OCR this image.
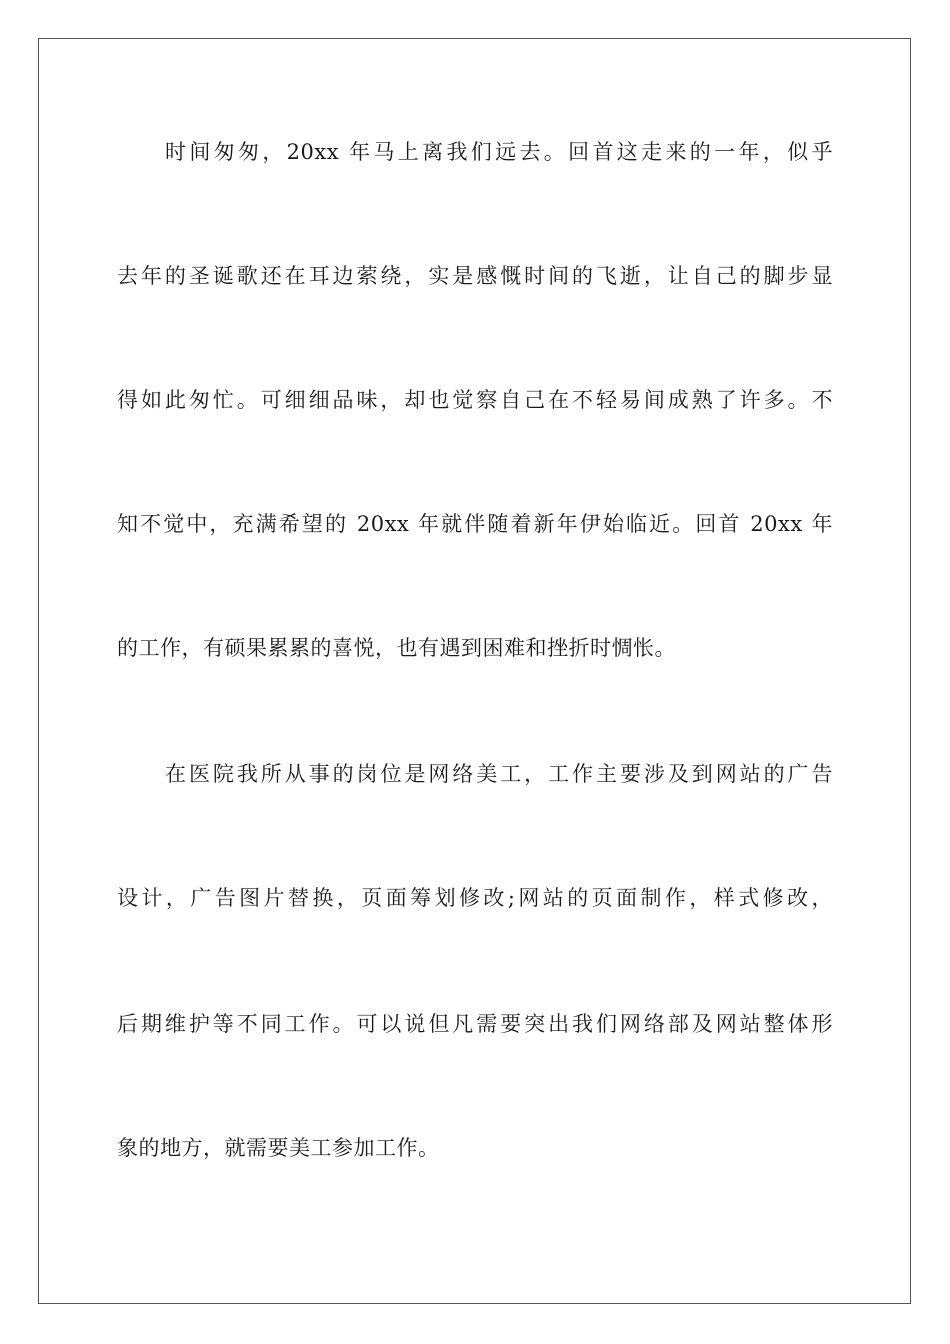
时间匆匆，20xx 年马上离我们远去。回首这走来的一年，似乎
去年的圣诞歌还在耳边萦绕，实是感慨时间的飞逝，让自己的脚步显
得如此匆忙。可细细品味，却也觉察自己在不轻易间成熟了许多。不
知不觉中，充满希望的 20xx 年就伴随着新年伊始临近。回首 20xx 年
的工作，有硕果累累的喜悦，也有遇到困难和挫折时惆怅。
在医院我所从事的岗位是网络美工，工作主要涉及到网站的广告
设计，广告图片替换，页面筹划修改;网站的页面制作，样式修改，
后期维护等不同工作。可以说但凡需要突出我们网络部及网站整体形
象的地方，就需要美工参加工作。
